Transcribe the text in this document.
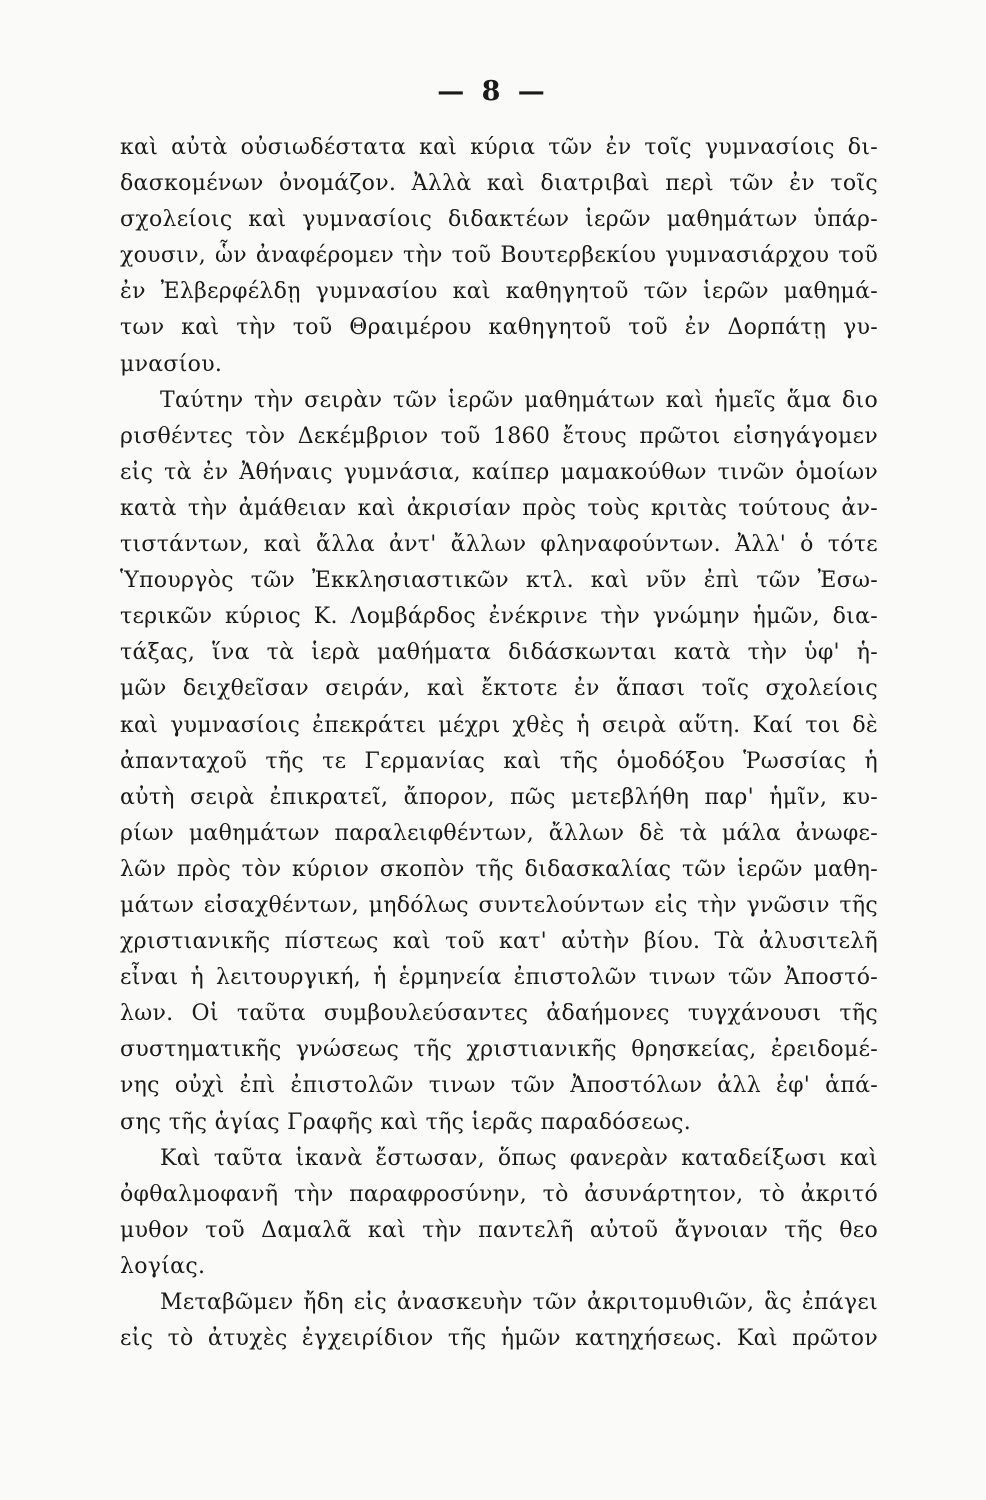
— 8 —
καὶ αὐτὰ οὐσιωδέστατα καὶ κύρια τῶν ἐν τοῖς γυμνασίοις δι-
δασκομένων ὀνομάζον. Ἀλλὰ καὶ διατριβαὶ περὶ τῶν ἐν τοῖς
σχολείοις καὶ γυμνασίοις διδακτέων ἱερῶν μαθημάτων ὑπάρ-
χουσιν, ὧν ἀναφέρομεν τὴν τοῦ Βουτερβεκίου γυμνασιάρχου τοῦ
ἐν Ἐλβερφέλδῃ γυμνασίου καὶ καθηγητοῦ τῶν ἱερῶν μαθημά-
των καὶ τὴν τοῦ Θραιμέρου καθηγητοῦ τοῦ ἐν Δορπάτῃ γυ-
μνασίου.
Ταύτην τὴν σειρὰν τῶν ἱερῶν μαθημάτων καὶ ἡμεῖς ἅμα διο
ρισθέντες τὸν Δεκέμβριον τοῦ 1860 ἔτους πρῶτοι εἰσηγάγομεν
εἰς τὰ ἐν Ἀθήναις γυμνάσια, καίπερ μαμακούθων τινῶν ὁμοίων
κατὰ τὴν ἀμάθειαν καὶ ἀκρισίαν πρὸς τοὺς κριτὰς τούτους ἀν-
τιστάντων, καὶ ἄλλα ἀντ' ἄλλων φληναφούντων. Ἀλλ' ὁ τότε
Ὑπουργὸς τῶν Ἐκκλησιαστικῶν κτλ. καὶ νῦν ἐπὶ τῶν Ἐσω-
τερικῶν κύριος Κ. Λομβάρδος ἐνέκρινε τὴν γνώμην ἡμῶν, δια-
τάξας, ἵνα τὰ ἱερὰ μαθήματα διδάσκωνται κατὰ τὴν ὑφ' ἡ-
μῶν δειχθεῖσαν σειράν, καὶ ἔκτοτε ἐν ἅπασι τοῖς σχολείοις
καὶ γυμνασίοις ἐπεκράτει μέχρι χθὲς ἡ σειρὰ αὕτη. Καί τοι δὲ
ἀπανταχοῦ τῆς τε Γερμανίας καὶ τῆς ὁμοδόξου Ῥωσσίας ἡ
αὐτὴ σειρὰ ἐπικρατεῖ, ἄπορον, πῶς μετεβλήθη παρ' ἡμῖν, κυ-
ρίων μαθημάτων παραλειφθέντων, ἄλλων δὲ τὰ μάλα ἀνωφε-
λῶν πρὸς τὸν κύριον σκοπὸν τῆς διδασκαλίας τῶν ἱερῶν μαθη-
μάτων εἰσαχθέντων, μηδόλως συντελούντων εἰς τὴν γνῶσιν τῆς
χριστιανικῆς πίστεως καὶ τοῦ κατ' αὐτὴν βίου. Τὰ ἀλυσιτελῆ
εἶναι ἡ λειτουργική, ἡ ἑρμηνεία ἐπιστολῶν τινων τῶν Ἀποστό-
λων. Οἱ ταῦτα συμβουλεύσαντες ἀδαήμονες τυγχάνουσι τῆς
συστηματικῆς γνώσεως τῆς χριστιανικῆς θρησκείας, ἐρειδομέ-
νης οὐχὶ ἐπὶ ἐπιστολῶν τινων τῶν Ἀποστόλων ἀλλ ἐφ' ἁπά-
σης τῆς ἁγίας Γραφῆς καὶ τῆς ἱερᾶς παραδόσεως.
Καὶ ταῦτα ἱκανὰ ἔστωσαν, ὅπως φανερὰν καταδείξωσι καὶ
ὀφθαλμοφανῆ τὴν παραφροσύνην, τὸ ἀσυνάρτητον, τὸ ἀκριτό
μυθον τοῦ Δαμαλᾶ καὶ τὴν παντελῆ αὐτοῦ ἄγνοιαν τῆς θεο
λογίας.
Μεταβῶμεν ἤδη εἰς ἀνασκευὴν τῶν ἀκριτομυθιῶν, ἃς ἐπάγει
εἰς τὸ ἀτυχὲς ἐγχειρίδιον τῆς ἡμῶν κατηχήσεως. Καὶ πρῶτον
